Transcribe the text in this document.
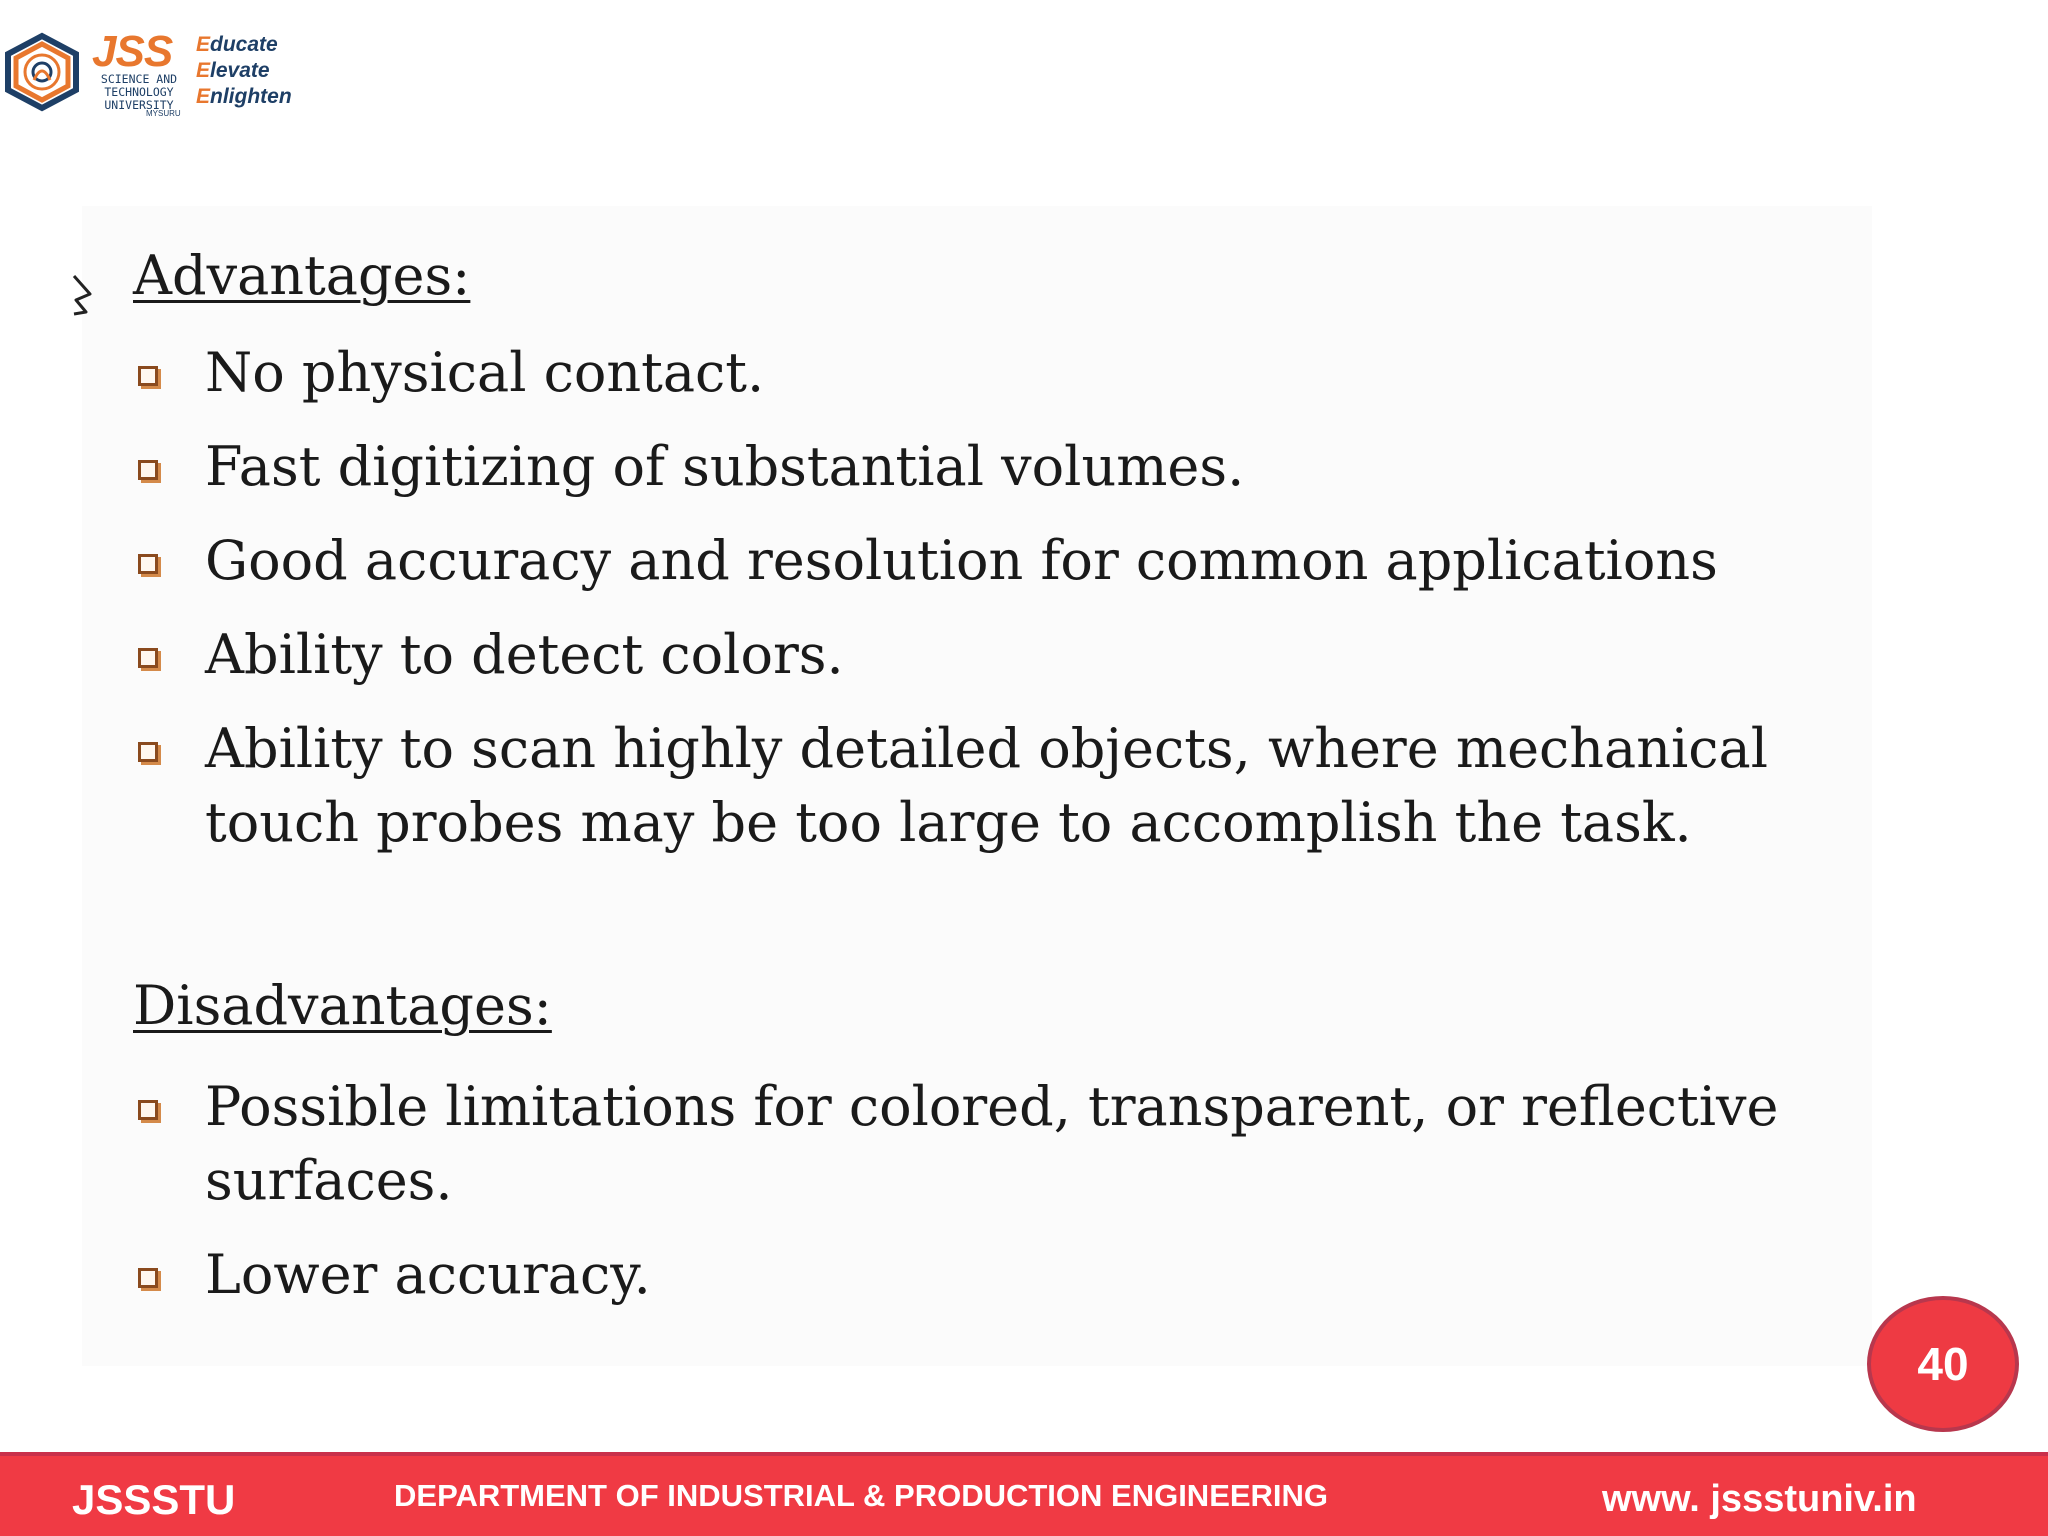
JSS
SCIENCE AND
TECHNOLOGY
UNIVERSITY
MYSURU
Educate
Elevate
Enlighten
Advantages:
No physical contact.
Fast digitizing of substantial volumes.
Good accuracy and resolution for common applications
Ability to detect colors.
Ability to scan highly detailed objects, where mechanical touch probes may be too large to accomplish the task.
Disadvantages:
Possible limitations for colored, transparent, or reflective surfaces.
Lower accuracy.
40
JSSSTU	DEPARTMENT OF INDUSTRIAL & PRODUCTION ENGINEERING	www. jssstuniv.in
